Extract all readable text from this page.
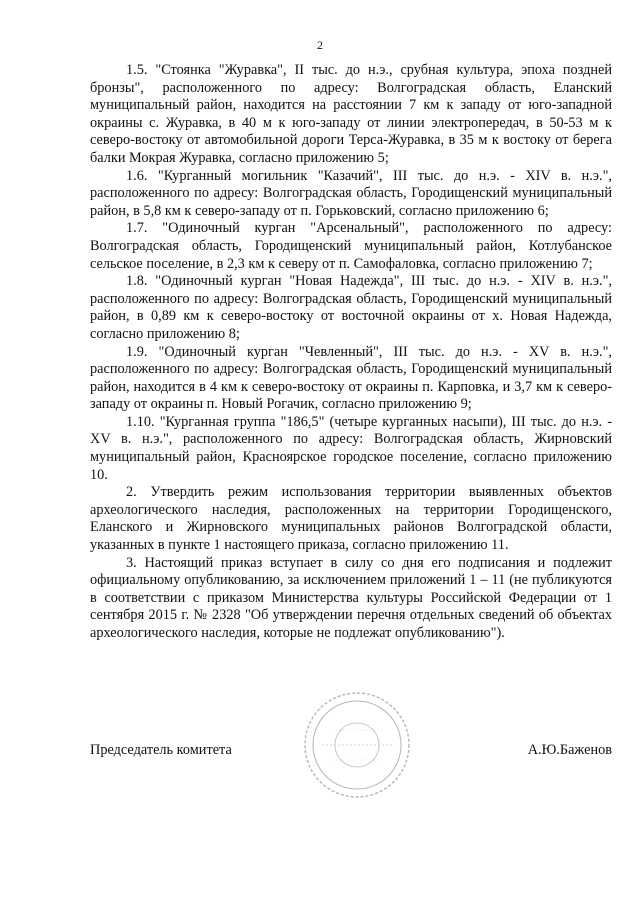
2

1.5. "Стоянка "Журавка", II тыс. до н.э., срубная культура, эпоха поздней бронзы", расположенного по адресу: Волгоградская область, Еланский муниципальный район, находится на расстоянии 7 км к западу от юго-западной окраины с. Журавка, в 40 м к юго-западу от линии электропередач, в 50-53 м к северо-востоку от автомобильной дороги Терса-Журавка, в 35 м к востоку от берега балки Мокрая Журавка, согласно приложению 5;

1.6. "Курганный могильник "Казачий", III тыс. до н.э. - XIV в. н.э.", расположенного по адресу: Волгоградская область, Городищенский муниципальный район, в 5,8 км к северо-западу от п. Горьковский, согласно приложению 6;

1.7. "Одиночный курган "Арсенальный", расположенного по адресу: Волгоградская область, Городищенский муниципальный район, Котлубанское сельское поселение, в 2,3 км к северу от п. Самофаловка, согласно приложению 7;

1.8. "Одиночный курган "Новая Надежда", III тыс. до н.э. - XIV в. н.э.", расположенного по адресу: Волгоградская область, Городищенский муниципальный район, в 0,89 км к северо-востоку от восточной окраины от х. Новая Надежда, согласно приложению 8;

1.9. "Одиночный курган "Чевленный", III тыс. до н.э. - XV в. н.э.", расположенного по адресу: Волгоградская область, Городищенский муниципальный район, находится в 4 км к северо-востоку от окраины п. Карповка, и 3,7 км к северо-западу от окраины п. Новый Рогачик, согласно приложению 9;

1.10. "Курганная группа "186,5" (четыре курганных насыпи), III тыс. до н.э. - XV в. н.э.", расположенного по адресу: Волгоградская область, Жирновский муниципальный район, Красноярское городское поселение, согласно приложению 10.

2. Утвердить режим использования территории выявленных объектов археологического наследия, расположенных на территории Городищенского, Еланского и Жирновского муниципальных районов Волгоградской области, указанных в пункте 1 настоящего приказа, согласно приложению 11.

3. Настоящий приказ вступает в силу со дня его подписания и подлежит официальному опубликованию, за исключением приложений 1 – 11 (не публикуются в соответствии с приказом Министерства культуры Российской Федерации от 1 сентября 2015 г. № 2328 "Об утверждении перечня отдельных сведений об объектах археологического наследия, которые не подлежат опубликованию").

Председатель комитета	А.Ю.Баженов
